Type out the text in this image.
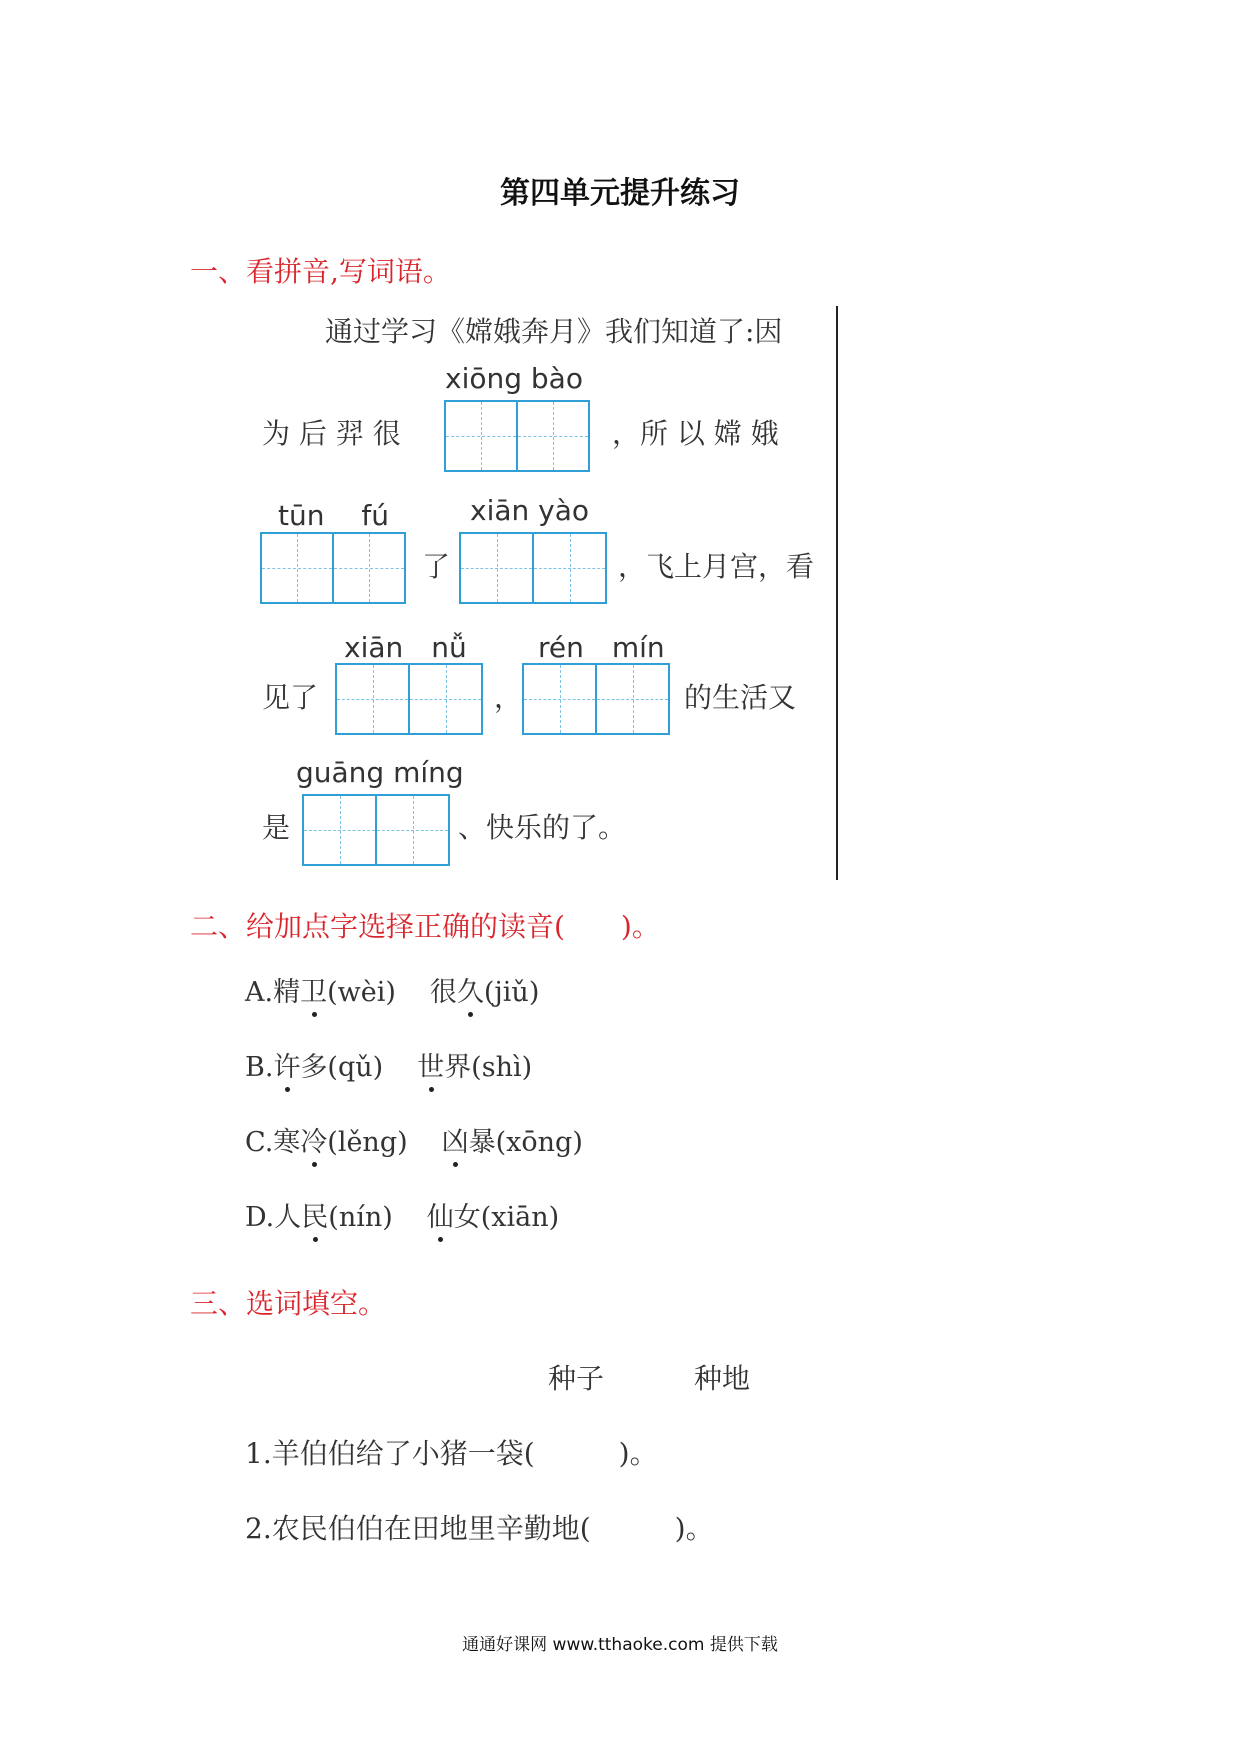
第四单元提升练习
一、看拼音,写词语。
通过学习《嫦娥奔月》我们知道了:因
xiōng bào
为 后 羿 很	，所 以 嫦 娥
tūn　 fú
了
xiān yào
，飞上月宫，看
见了
xiān　nǚ
，
rén　mín
的生活又
是
guāng míng
、快乐的了。
二、给加点字选择正确的读音(　　)。
A.精卫(wèi) 很久(jiǔ)
B.许多(qǔ) 世界(shì)
C.寒冷(lěng) 凶暴(xōng)
D.人民(nín) 仙女(xiān)
三、选词填空。
种子	种地
1.羊伯伯给了小猪一袋(　　　)。
2.农民伯伯在田地里辛勤地(　　　)。
通通好课网 www.tthaoke.com 提供下载
